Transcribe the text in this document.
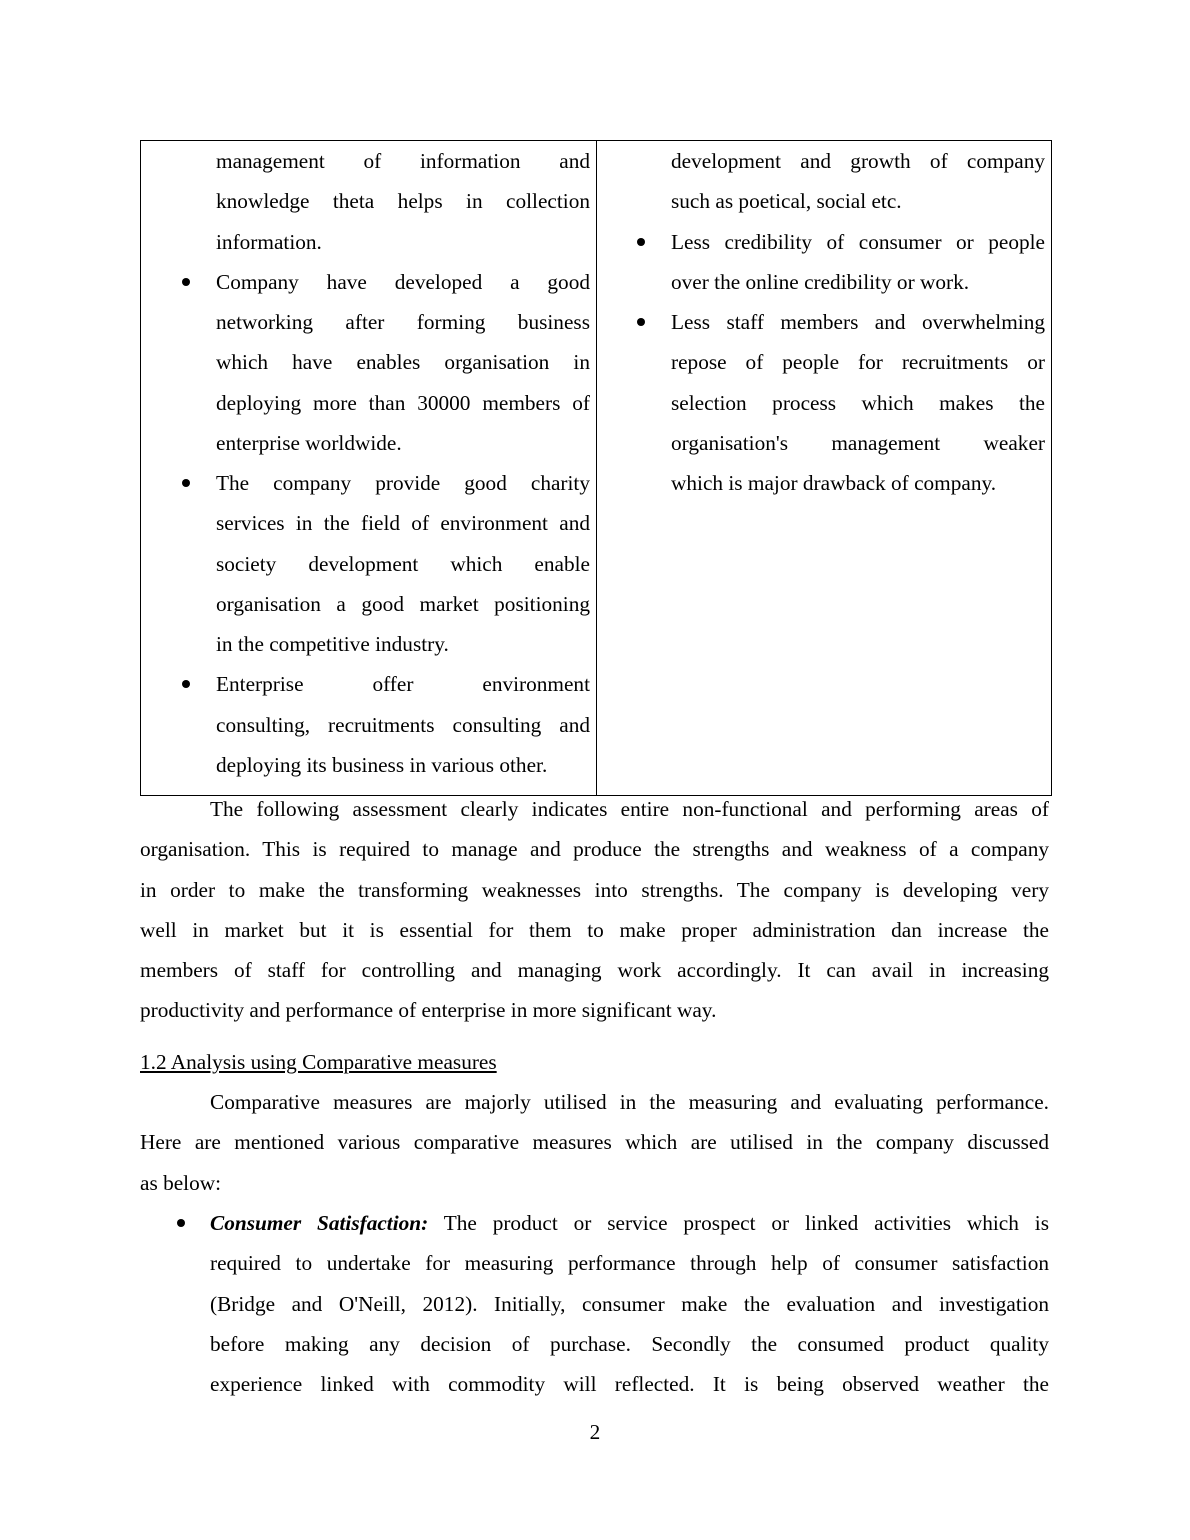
management of information and
knowledge theta helps in collection
information.
Company have developed a good
networking after forming business
which have enables organisation in
deploying more than 30000 members of
enterprise worldwide.
The company provide good charity
services in the field of environment and
society development which enable
organisation a good market positioning
in the competitive industry.
Enterprise offer environment
consulting, recruitments consulting and
deploying its business in various other.

development and growth of company
such as poetical, social etc.
Less credibility of consumer or people
over the online credibility or work.
Less staff members and overwhelming
repose of people for recruitments or
selection process which makes the
organisation's management weaker
which is major drawback of company.
The following assessment clearly indicates entire non-functional and performing areas of
organisation. This is required to manage and produce the strengths and weakness of a company
in order to make the transforming weaknesses into strengths. The company is developing very
well in market but it is essential for them to make proper administration dan increase the
members of staff for controlling and managing work accordingly. It can avail in increasing
productivity and performance of enterprise in more significant way.
1.2 Analysis using Comparative measures
Comparative measures are majorly utilised in the measuring and evaluating performance.
Here are mentioned various comparative measures which are utilised in the company discussed
as below:
Consumer Satisfaction: The product or service prospect or linked activities which is
required to undertake for measuring performance through help of consumer satisfaction
(Bridge and O'Neill, 2012). Initially, consumer make the evaluation and investigation
before making any decision of purchase. Secondly the consumed product quality
experience linked with commodity will reflected. It is being observed weather the
2
